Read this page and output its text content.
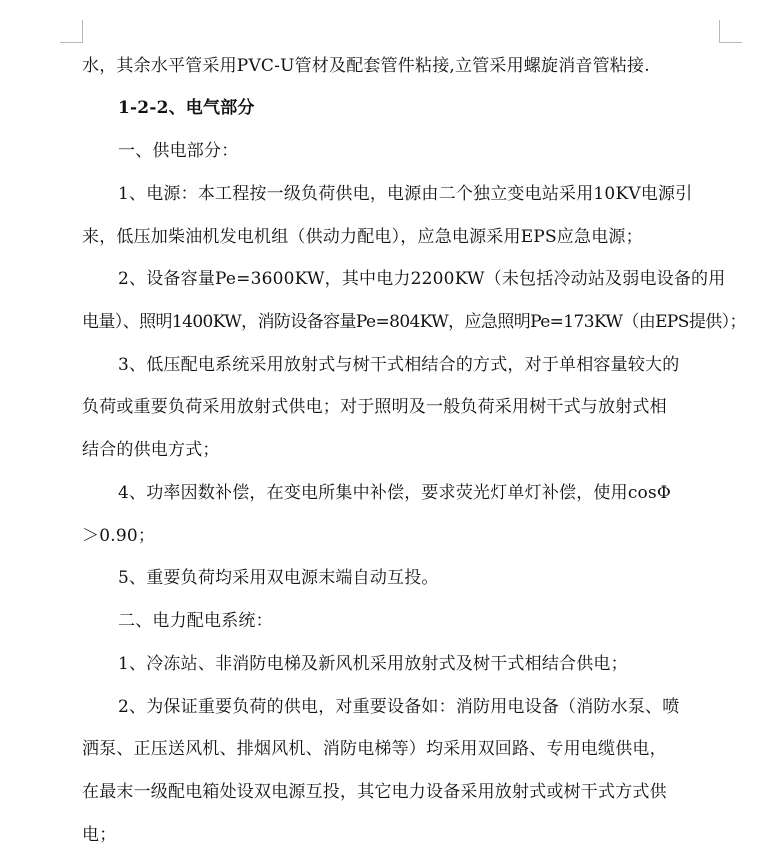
水，其余水平管采用PVC-U管材及配套管件粘接,立管采用螺旋消音管粘接.
1-2-2、电气部分
一、供电部分：
1、电源：本工程按一级负荷供电，电源由二个独立变电站采用10KV电源引
来，低压加柴油机发电机组（供动力配电），应急电源采用EPS应急电源；
2、设备容量Pe=3600KW，其中电力2200KW（未包括冷动站及弱电设备的用
电量）、照明1400KW，消防设备容量Pe=804KW，应急照明Pe=173KW（由EPS提供）；
3、低压配电系统采用放射式与树干式相结合的方式，对于单相容量较大的
负荷或重要负荷采用放射式供电；对于照明及一般负荷采用树干式与放射式相
结合的供电方式；
4、功率因数补偿，在变电所集中补偿，要求荧光灯单灯补偿，使用cosΦ
＞0.90；
5、重要负荷均采用双电源末端自动互投。
二、电力配电系统：
1、冷冻站、非消防电梯及新风机采用放射式及树干式相结合供电；
2、为保证重要负荷的供电，对重要设备如：消防用电设备（消防水泵、喷
洒泵、正压送风机、排烟风机、消防电梯等）均采用双回路、专用电缆供电，
在最末一级配电箱处设双电源互投，其它电力设备采用放射式或树干式方式供
电；
